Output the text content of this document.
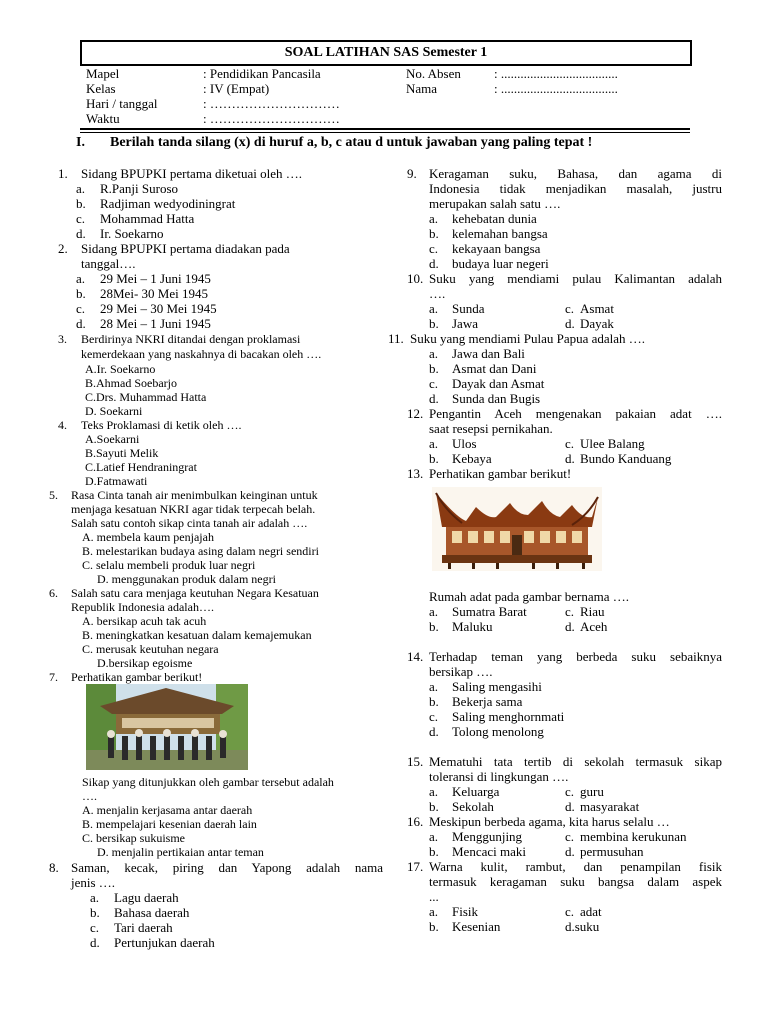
SOAL LATIHAN SAS Semester 1
Mapel	: Pendidikan Pancasila
Kelas	: IV (Empat)
Hari / tanggal	: …………………………
Waktu	: …………………………
No. Absen	: ....................................
Nama	: ....................................
I. Berilah tanda silang (x) di huruf a, b, c atau d untuk jawaban yang paling tepat !
1. Sidang BPUPKI pertama diketuai oleh ….
a. R.Panji Suroso
b. Radjiman wedyodiningrat
c. Mohammad Hatta
d. Ir. Soekarno
2. Sidang BPUPKI pertama diadakan pada
tanggal….
a. 29 Mei – 1 Juni 1945
b. 28Mei- 30 Mei 1945
c. 29 Mei – 30 Mei 1945
d. 28 Mei – 1 Juni 1945
3. Berdirinya NKRI ditandai dengan proklamasi
kemerdekaan yang naskahnya di bacakan oleh ….
A.Ir. Soekarno
B.Ahmad Soebarjo
C.Drs. Muhammad Hatta
D. Soekarni
4. Teks Proklamasi di ketik oleh ….
A.Soekarni
B.Sayuti Melik
C.Latief Hendraningrat
D.Fatmawati
5. Rasa Cinta tanah air menimbulkan keinginan untuk
menjaga kesatuan NKRI agar tidak terpecah belah.
Salah satu contoh sikap cinta tanah air adalah ….
A. membela kaum penjajah
B. melestarikan budaya asing dalam negri sendiri
C. selalu membeli produk luar negri
D. menggunakan produk dalam negri
6. Salah satu cara menjaga keutuhan Negara Kesatuan
Republik Indonesia adalah….
A. bersikap acuh tak acuh
B. meningkatkan kesatuan dalam kemajemukan
C. merusak keutuhan negara
D.bersikap egoisme
7. Perhatikan gambar berikut!
Sikap yang ditunjukkan oleh gambar tersebut adalah
….
A. menjalin kerjasama antar daerah
B. mempelajari kesenian daerah lain
C. bersikap sukuisme
D. menjalin pertikaian antar teman
8. Saman, kecak, piring dan Yapong adalah nama
jenis ….
a. Lagu daerah
b. Bahasa daerah
c. Tari daerah
d. Pertunjukan daerah
9. Keragaman suku, Bahasa, dan agama di
Indonesia tidak menjadikan masalah, justru
merupakan salah satu ….
a. kehebatan dunia
b. kelemahan bangsa
c. kekayaan bangsa
d. budaya luar negeri
10. Suku yang mendiami pulau Kalimantan adalah
….
a. Sunda	c. Asmat
b. Jawa	d. Dayak
11. Suku yang mendiami Pulau Papua adalah ….
a. Jawa dan Bali
b. Asmat dan Dani
c. Dayak dan Asmat
d. Sunda dan Bugis
12. Pengantin Aceh mengenakan pakaian adat ….
saat resepsi pernikahan.
a. Ulos	c. Ulee Balang
b. Kebaya	d. Bundo Kanduang
13. Perhatikan gambar berikut!
Rumah adat pada gambar bernama ….
a. Sumatra Barat	c. Riau
b. Maluku	d. Aceh
14. Terhadap teman yang berbeda suku sebaiknya
bersikap ….
a. Saling mengasihi
b. Bekerja sama
c. Saling menghornmati
d. Tolong menolong
15. Mematuhi tata tertib di sekolah termasuk sikap
toleransi di lingkungan ….
a. Keluarga	c. guru
b. Sekolah	d. masyarakat
16. Meskipun berbeda agama, kita harus selalu …
a. Menggunjing	c. membina kerukunan
b. Mencaci maki	d. permusuhan
17. Warna kulit, rambut, dan penampilan fisik
termasuk keragaman suku bangsa dalam aspek
...
a. Fisik	c. adat
b. Kesenian	d.suku
